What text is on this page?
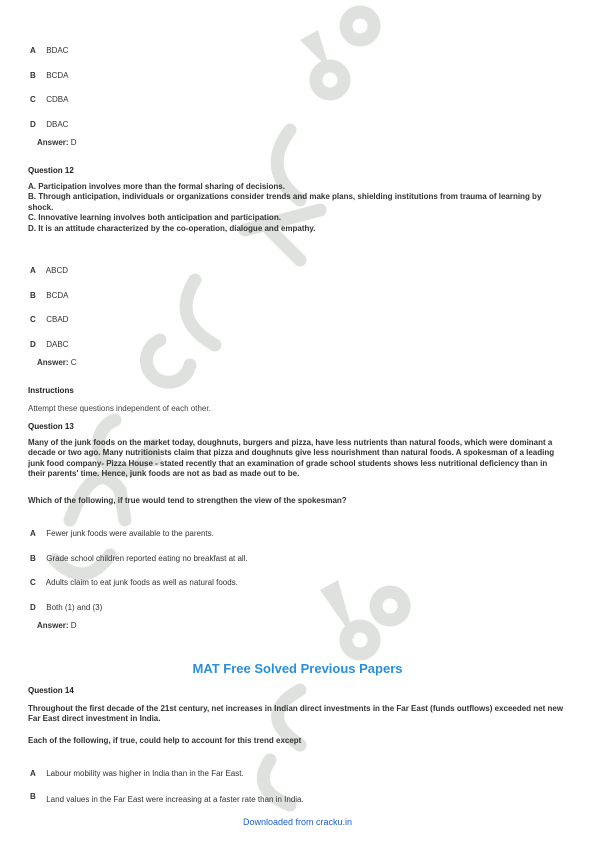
A BDAC
B BCDA
C CDBA
D DBAC
Answer: D
Question 12
A. Participation involves more than the formal sharing of decisions.
B. Through anticipation, individuals or organizations consider trends and make plans, shielding institutions from trauma of learning by shock.
C. Innovative learning involves both anticipation and participation.
D. It is an attitude characterized by the co-operation, dialogue and empathy.
A ABCD
B BCDA
C CBAD
D DABC
Answer: C
Instructions
Attempt these questions independent of each other.
Question 13
Many of the junk foods on the market today, doughnuts, burgers and pizza, have less nutrients than natural foods, which were dominant a decade or two ago. Many nutritionists claim that pizza and doughnuts give less nourishment than natural foods. A spokesman of a leading junk food company- Pizza House - stated recently that an examination of grade school students shows less nutritional deficiency than in their parents' time. Hence, junk foods are not as bad as made out to be.
Which of the following, if true would tend to strengthen the view of the spokesman?
A Fewer junk foods were available to the parents.
B Grade school children reported eating no breakfast at all.
C Adults claim to eat junk foods as well as natural foods.
D Both (1) and (3)
Answer: D
MAT Free Solved Previous Papers
Question 14
Throughout the first decade of the 21st century, net increases in Indian direct investments in the Far East (funds outflows) exceeded net new Far East direct investment in India.
Each of the following, if true, could help to account for this trend except
A Labour mobility was higher in India than in the Far East.
B Land values in the Far East were increasing at a faster rate than in India.
Downloaded from cracku.in
